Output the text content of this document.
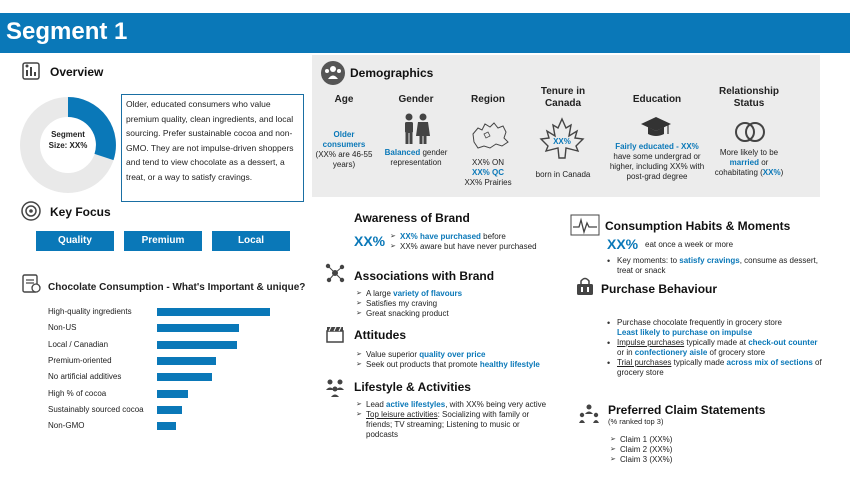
Segment 1
Overview
Segment
Size: XX%
Older, educated consumers who value premium quality, clean ingredients, and local sourcing. Prefer sustainable cocoa and non-GMO. They are not impulse-driven shoppers and tend to view chocolate as a dessert, a treat, or a way to satisfy cravings.
Key Focus
Quality	Premium	Local
Chocolate Consumption - What's Important & unique?
High-quality ingredients
Non-US
Local / Canadian
Premium-oriented
No artificial additives
High % of cocoa
Sustainably sourced cocoa
Non-GMO
Demographics
Age
Older
consumers
(XX% are 46-55 years)
Gender
Balanced gender
representation
Region
XX% ON
XX% QC
XX% Prairies
Tenure in
Canada
XX%
born in Canada
Education
Fairly educated - XX%
have some undergrad or higher, including XX% with post-grad degree
Relationship
Status
More likely to be
married or
cohabitating (XX%)
Awareness of Brand
XX%
➢	XX% have purchased before
➢ XX% aware but have never purchased
Associations with Brand
➢ A large variety of flavours
➢ Satisfies my craving
➢ Great snacking product
Attitudes
➢ Value superior quality over price
➢ Seek out products that promote healthy lifestyle
Lifestyle & Activities
➢ Lead active lifestyles, with XX% being very active
➢ Top leisure activities: Socializing with family or friends; TV streaming; Listening to music or podcasts
Consumption Habits & Moments
XX% eat once a week or more
• Key moments: to satisfy cravings, consume as dessert, treat or snack
Purchase Behaviour
• Purchase chocolate frequently in grocery store
Least likely to purchase on impulse
• Impulse purchases typically made at check-out counter or in confectionery aisle of grocery store
• Trial purchases typically made across mix of sections of grocery store
Preferred Claim Statements
(% ranked top 3)
➢ Claim 1 (XX%)
➢ Claim 2 (XX%)
➢ Claim 3 (XX%)
